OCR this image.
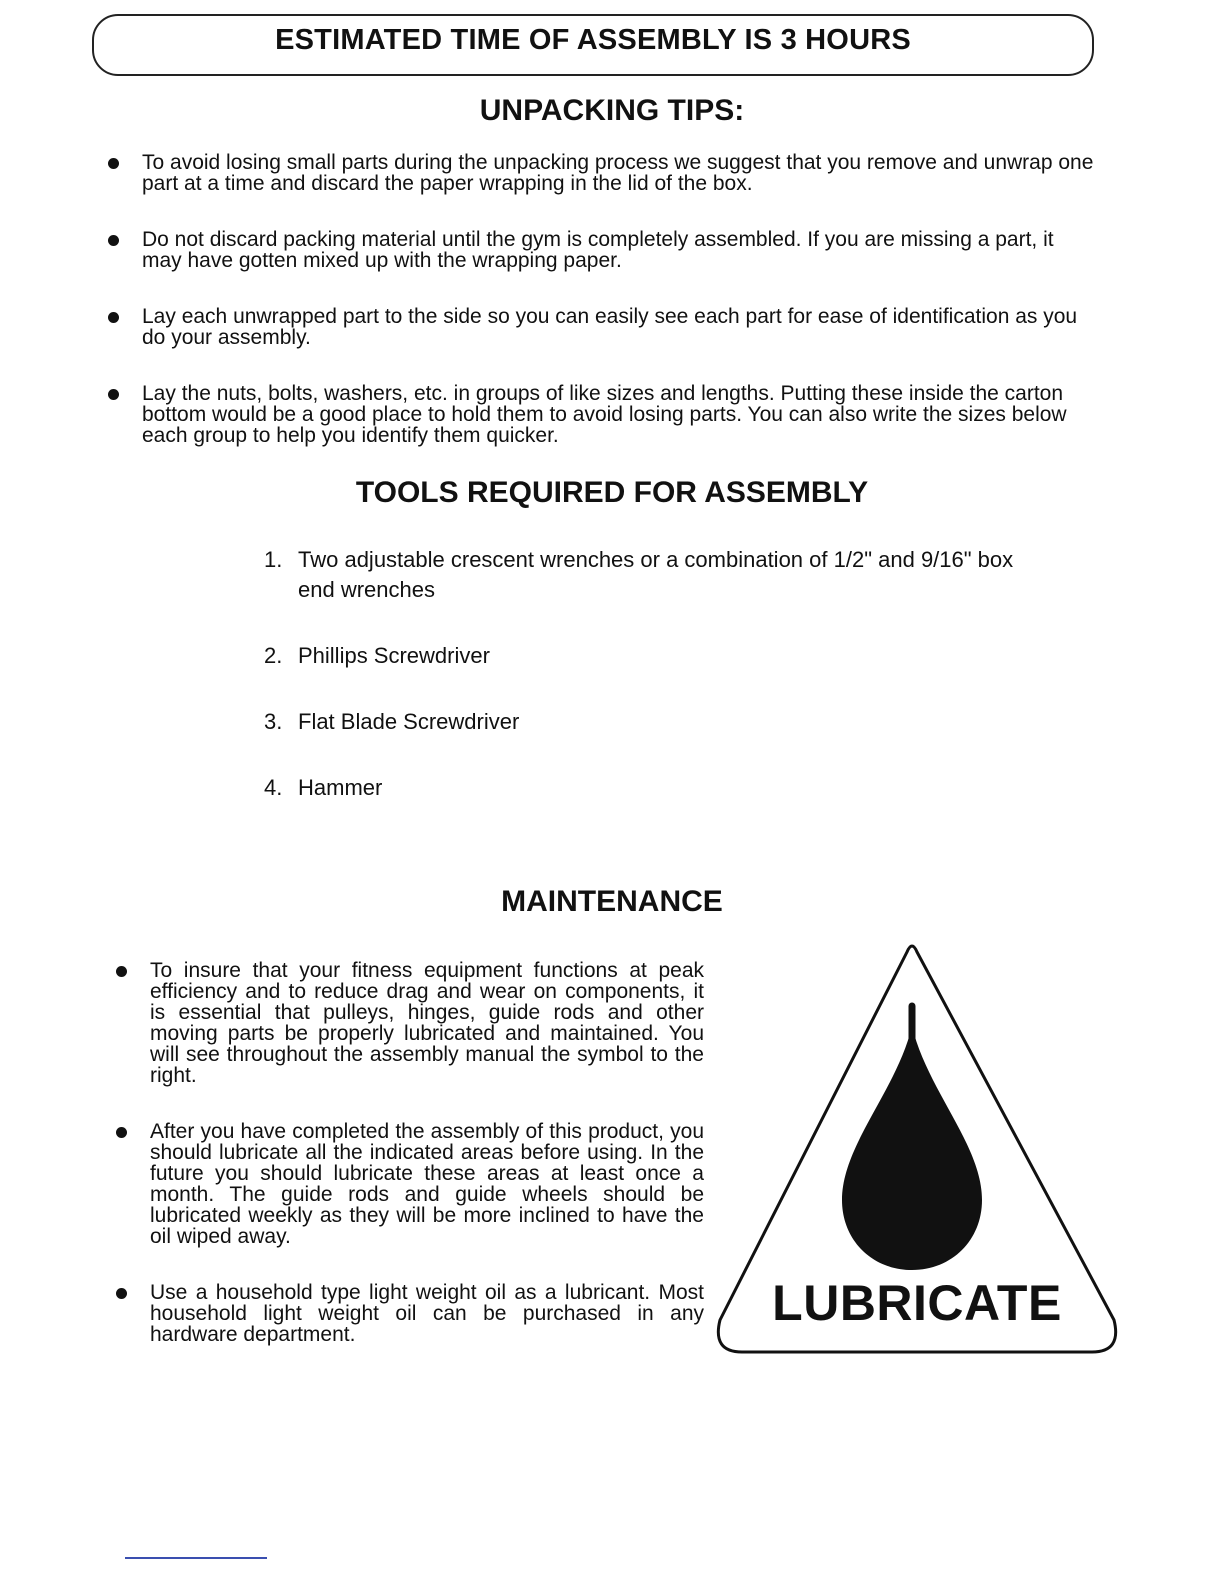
ESTIMATED TIME OF ASSEMBLY IS 3 HOURS
UNPACKING TIPS:
To avoid losing small parts during the unpacking process we suggest that you remove and unwrap one part at a time and discard the paper wrapping in the lid of the box.
Do not discard packing material until the gym is completely assembled. If you are missing a part, it may have gotten mixed up with the wrapping paper.
Lay each unwrapped part to the side so you can easily see each part for ease of identification as you do your assembly.
Lay the nuts, bolts, washers, etc. in groups of like sizes and lengths. Putting these inside the carton bottom would be a good place to hold them to avoid losing parts. You can also write the sizes below each group to help you identify them quicker.
TOOLS REQUIRED FOR ASSEMBLY
1. Two adjustable crescent wrenches or a combination of 1/2" and 9/16" box end wrenches
2. Phillips Screwdriver
3. Flat Blade Screwdriver
4. Hammer
MAINTENANCE
To insure that your fitness equipment functions at peak efficiency and to reduce drag and wear on components, it is essential that pulleys, hinges, guide rods and other moving parts be properly lubricated and maintained. You will see throughout the assembly manual the symbol to the right.
After you have completed the assembly of this product, you should lubricate all the indicated areas before using. In the future you should lubricate these areas at least once a month. The guide rods and guide wheels should be lubricated weekly as they will be more inclined to have the oil wiped away.
Use a household type light weight oil as a lubricant. Most household light weight oil can be purchased in any hardware department.
LUBRICATE
